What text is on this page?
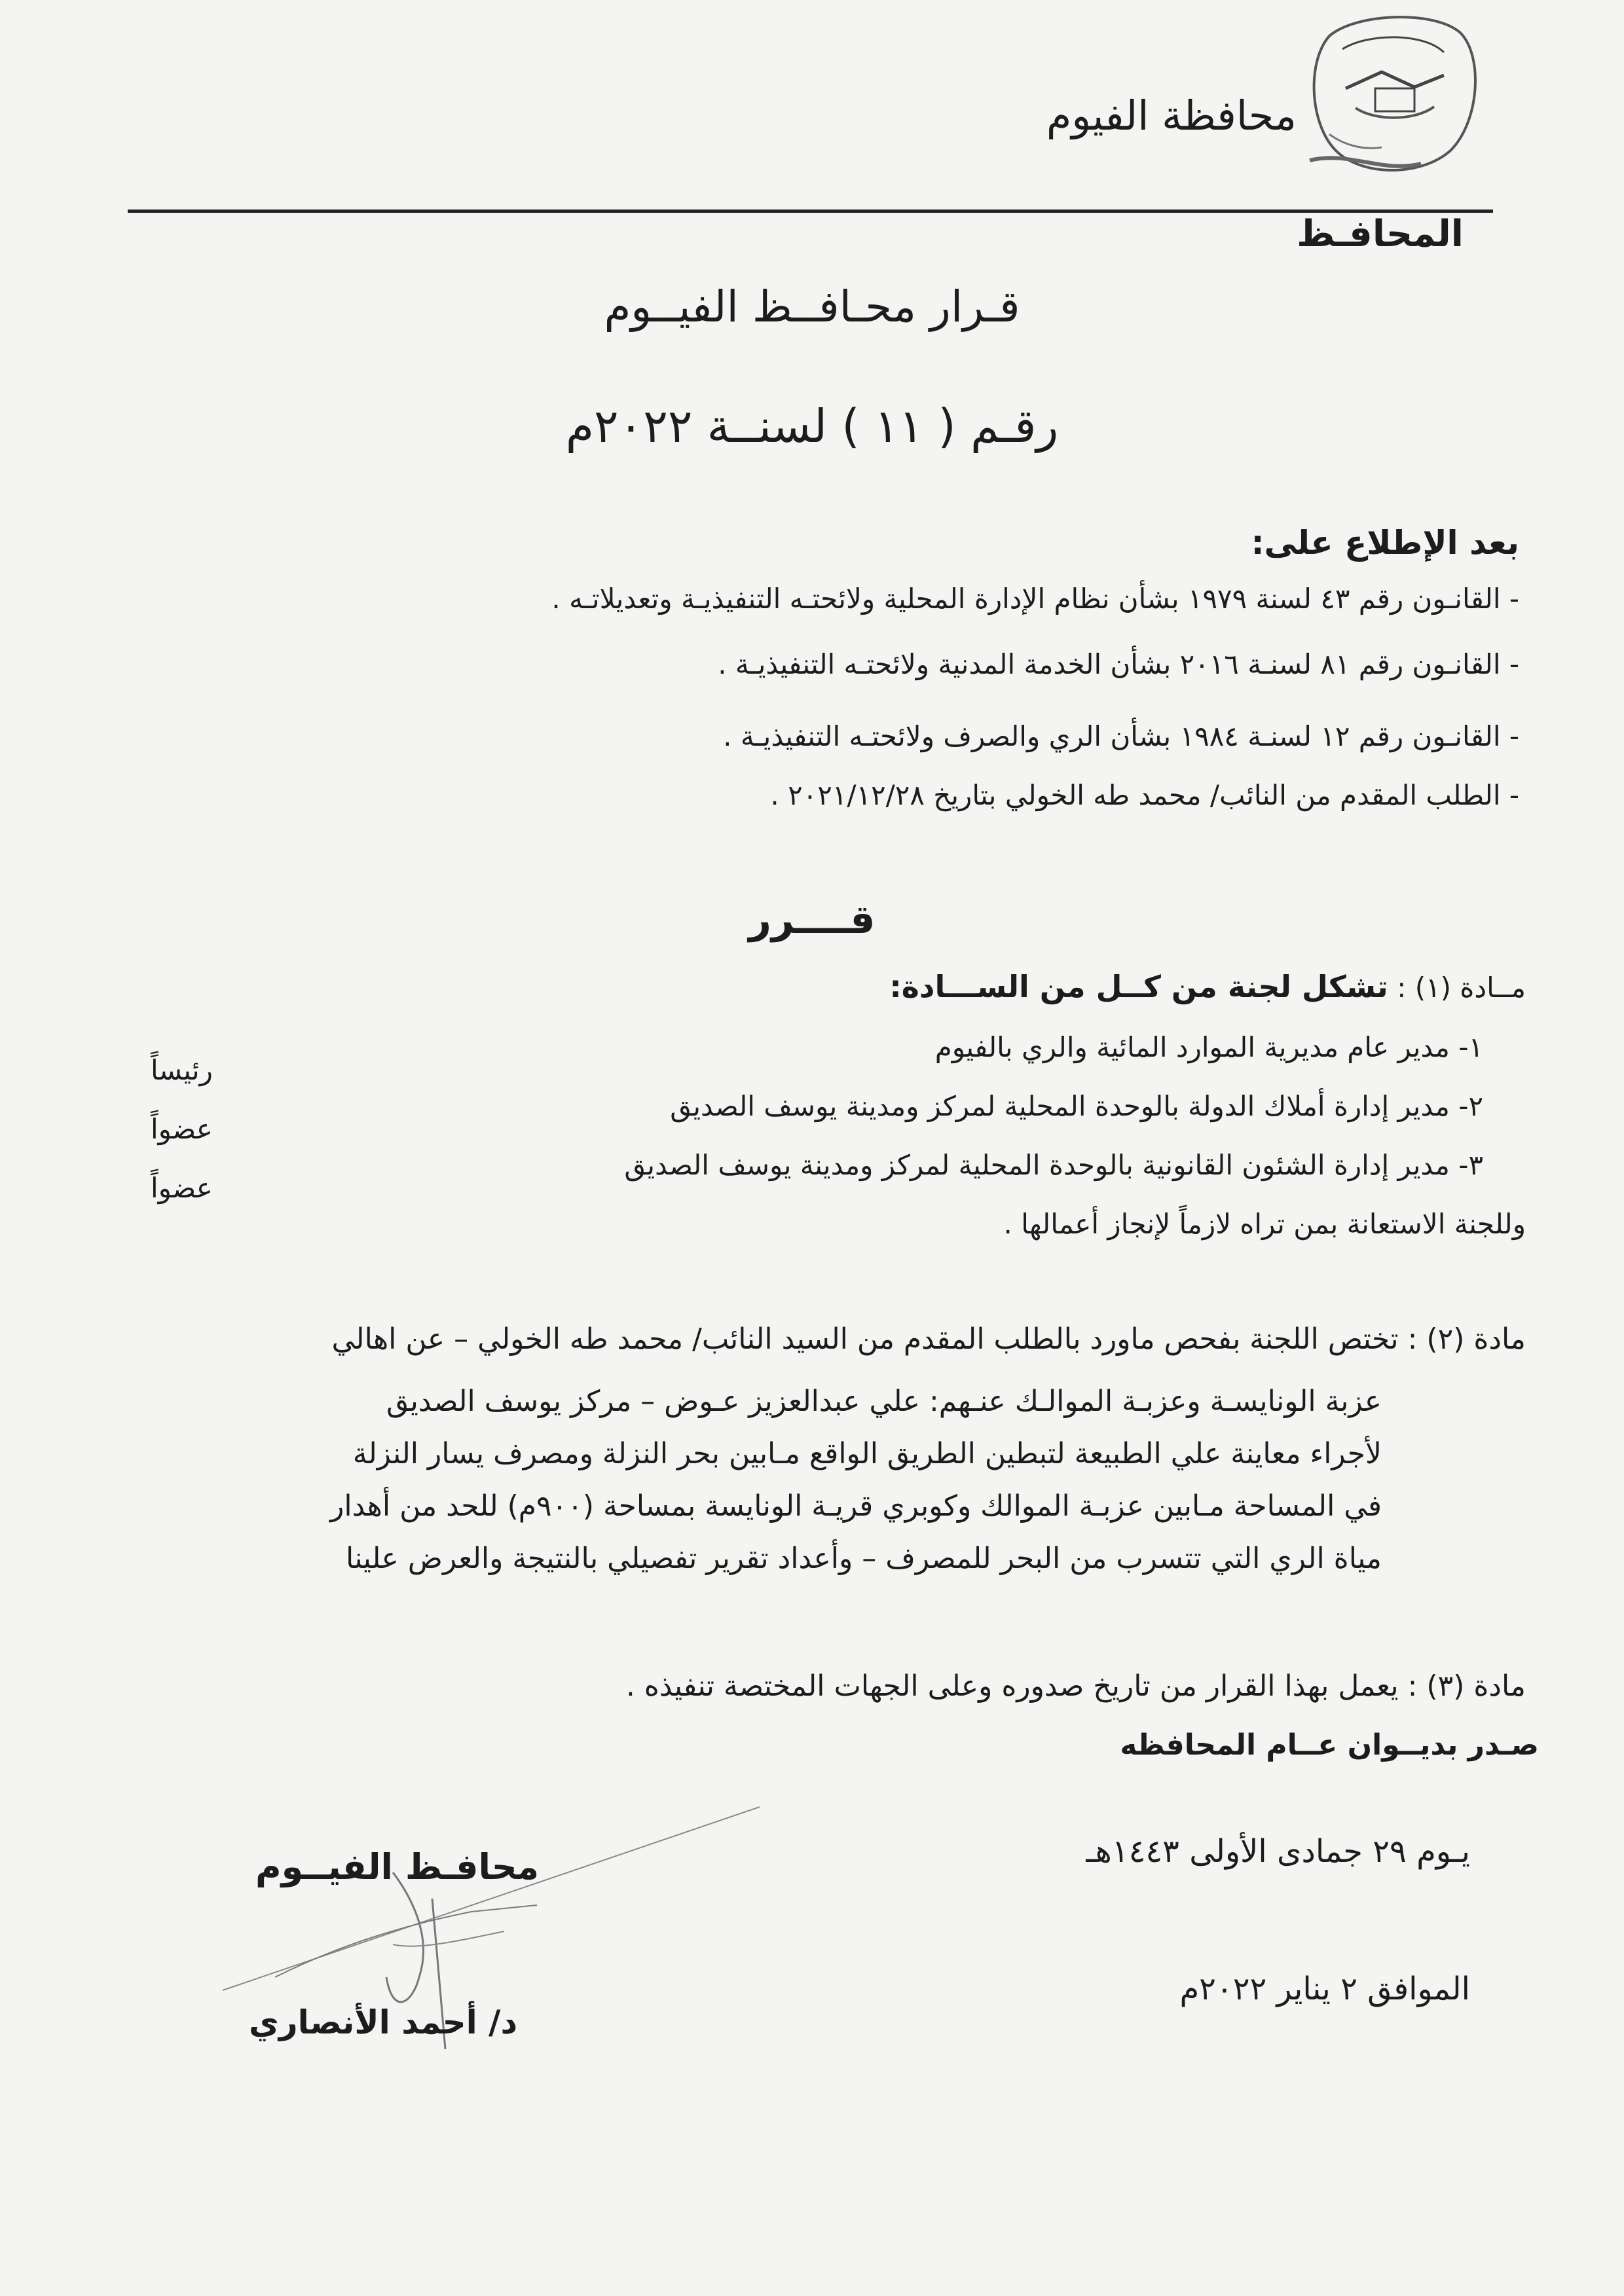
محافظة الفيوم
المحافـظ
قـرار محـافــظ الفيــوم
رقـم ( ١١ ) لسنــة ٢٠٢٢م
بعد الإطلاع على:
- القانـون رقم ٤٣ لسنة ١٩٧٩ بشأن نظام الإدارة المحلية ولائحتـه التنفيذيـة وتعديلاتـه .
- القانـون رقم ٨١ لسنـة ٢٠١٦ بشأن الخدمة المدنية ولائحتـه التنفيذيـة .
- القانـون رقم ١٢ لسنـة ١٩٨٤ بشأن الري والصرف ولائحتـه التنفيذيـة .
- الطلب المقدم من النائب/ محمد طه الخولي بتاريخ ٢٠٢١/١٢/٢٨ .
قــــرر
مــادة (١) : تشكل لجنة من كــل من الســـادة:
١- مدير عام مديرية الموارد المائية والري بالفيوم
رئيساً
٢- مدير إدارة أملاك الدولة بالوحدة المحلية لمركز ومدينة يوسف الصديق
عضواً
٣- مدير إدارة الشئون القانونية بالوحدة المحلية لمركز ومدينة يوسف الصديق
عضواً
وللجنة الاستعانة بمن تراه لازماً لإنجاز أعمالها .
مادة (٢) : تختص اللجنة بفحص ماورد بالطلب المقدم من السيد النائب/ محمد طه الخولي – عن اهالي
عزبة الونايسـة وعزبـة الموالـك عنـهم: علي عبدالعزيز عـوض – مركز يوسف الصديق
لأجراء معاينة علي الطبيعة لتبطين الطريق الواقع مـابين بحر النزلة ومصرف يسار النزلة
في المساحة مـابين عزبـة الموالك وكوبري قريـة الونايسة بمساحة (٩٠٠م) للحد من أهدار
مياة الري التي تتسرب من البحر للمصرف – وأعداد تقرير تفصيلي بالنتيجة والعرض علينا
مادة (٣) : يعمل بهذا القرار من تاريخ صدوره وعلى الجهات المختصة تنفيذه .
صـدر بديــوان عــام المحافظه
يـوم ٢٩ جمادى الأولى ١٤٤٣هـ
الموافق ٢ يناير ٢٠٢٢م
محافـظ الفيــوم
د/ أحمد الأنصاري
